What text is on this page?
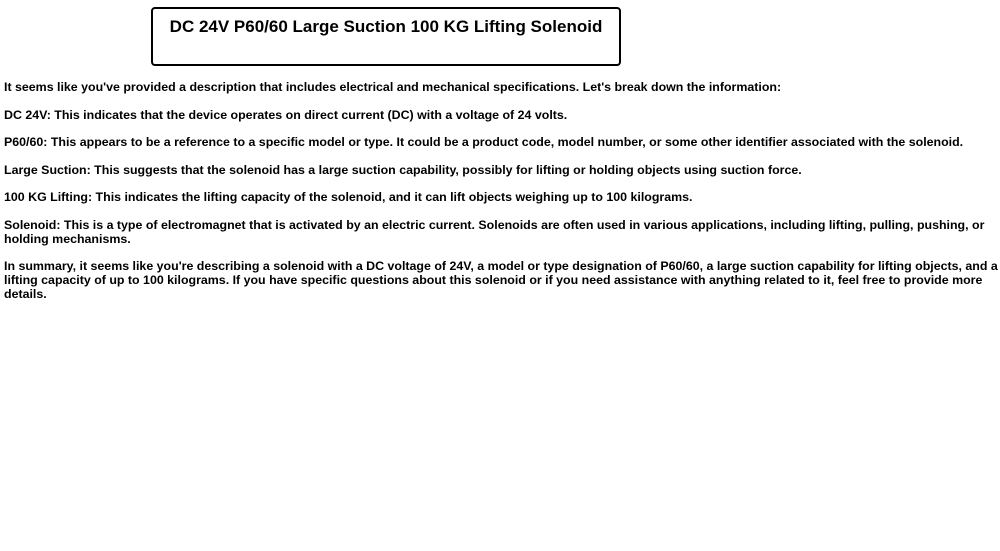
DC 24V P60/60 Large Suction 100 KG Lifting Solenoid

It seems like you've provided a description that includes electrical and mechanical specifications. Let's break down the information:

DC 24V: This indicates that the device operates on direct current (DC) with a voltage of 24 volts.

P60/60: This appears to be a reference to a specific model or type. It could be a product code, model number, or some other identifier associated with the solenoid.

Large Suction: This suggests that the solenoid has a large suction capability, possibly for lifting or holding objects using suction force.

100 KG Lifting: This indicates the lifting capacity of the solenoid, and it can lift objects weighing up to 100 kilograms.

Solenoid: This is a type of electromagnet that is activated by an electric current. Solenoids are often used in various applications, including lifting, pulling, pushing, or holding mechanisms.

In summary, it seems like you're describing a solenoid with a DC voltage of 24V, a model or type designation of P60/60, a large suction capability for lifting objects, and a lifting capacity of up to 100 kilograms. If you have specific questions about this solenoid or if you need assistance with anything related to it, feel free to provide more details.
